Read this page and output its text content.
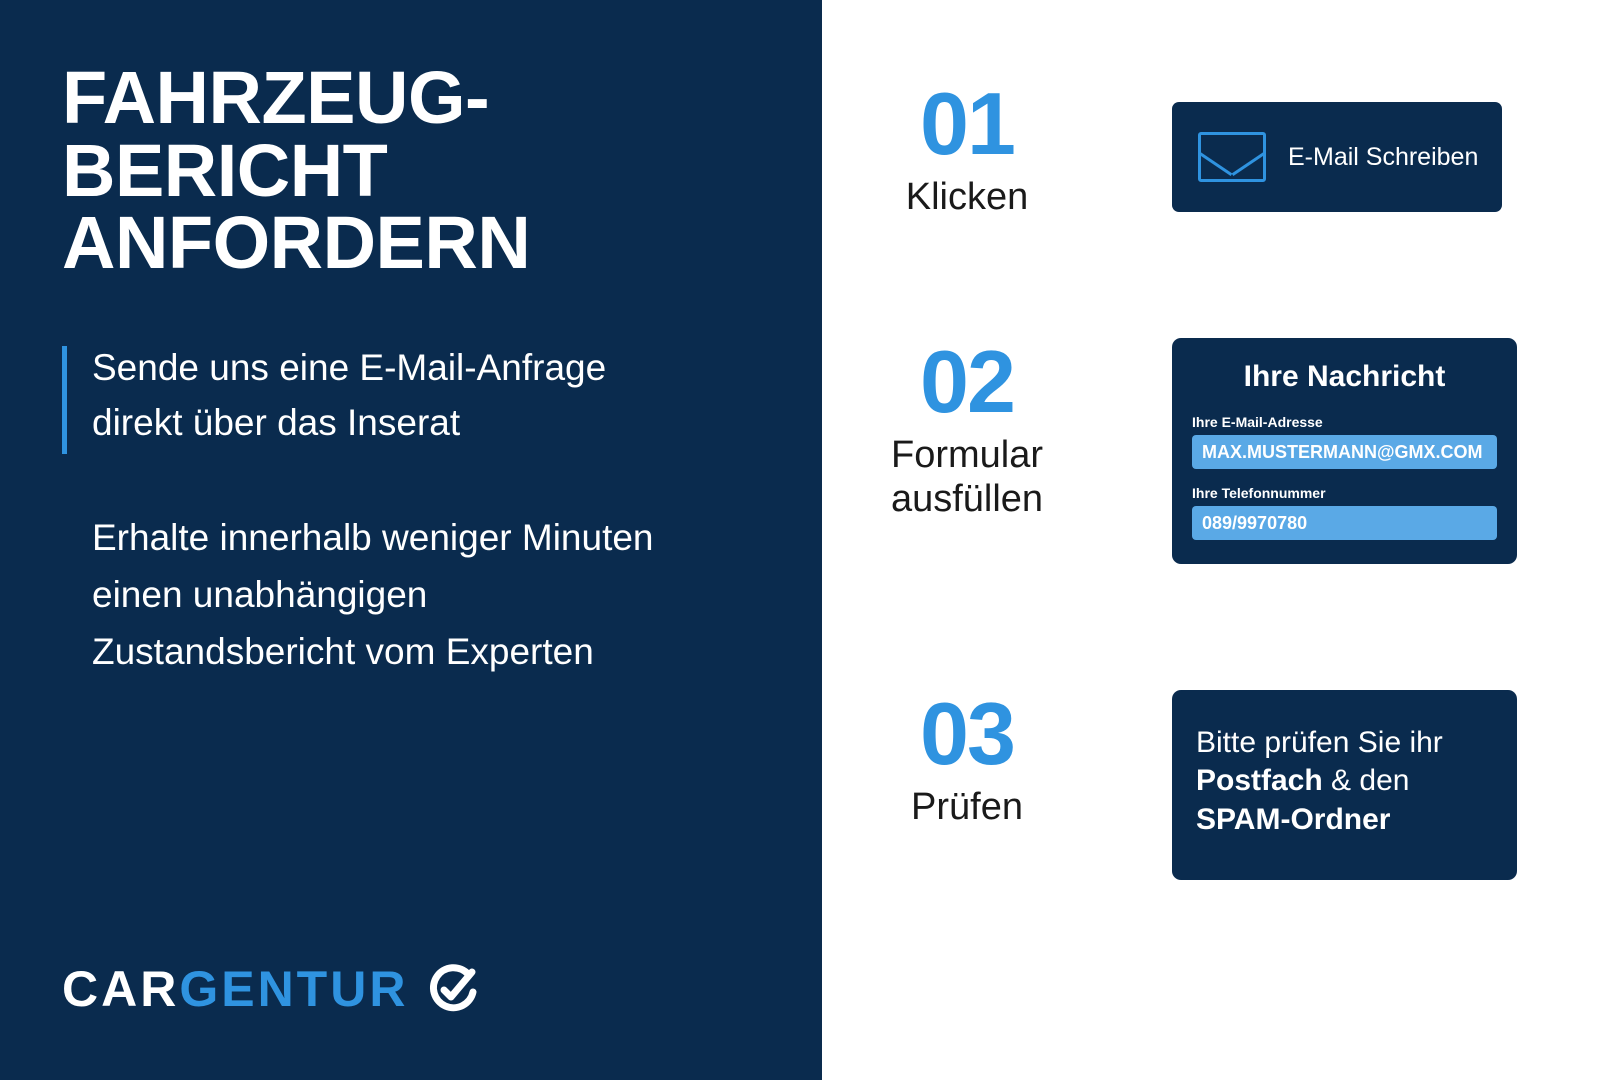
FAHRZEUG-
BERICHT
ANFORDERN
Sende uns eine E-Mail-Anfrage
direkt über das Inserat
Erhalte innerhalb weniger Minuten
einen unabhängigen
Zustandsbericht vom Experten
CARGENTUR
01
Klicken
E-Mail Schreiben
02
Formular
ausfüllen
Ihre Nachricht
Ihre E-Mail-Adresse
MAX.MUSTERMANN@GMX.COM
Ihre Telefonnummer
089/9970780
03
Prüfen
Bitte prüfen Sie ihr
Postfach & den
SPAM-Ordner
